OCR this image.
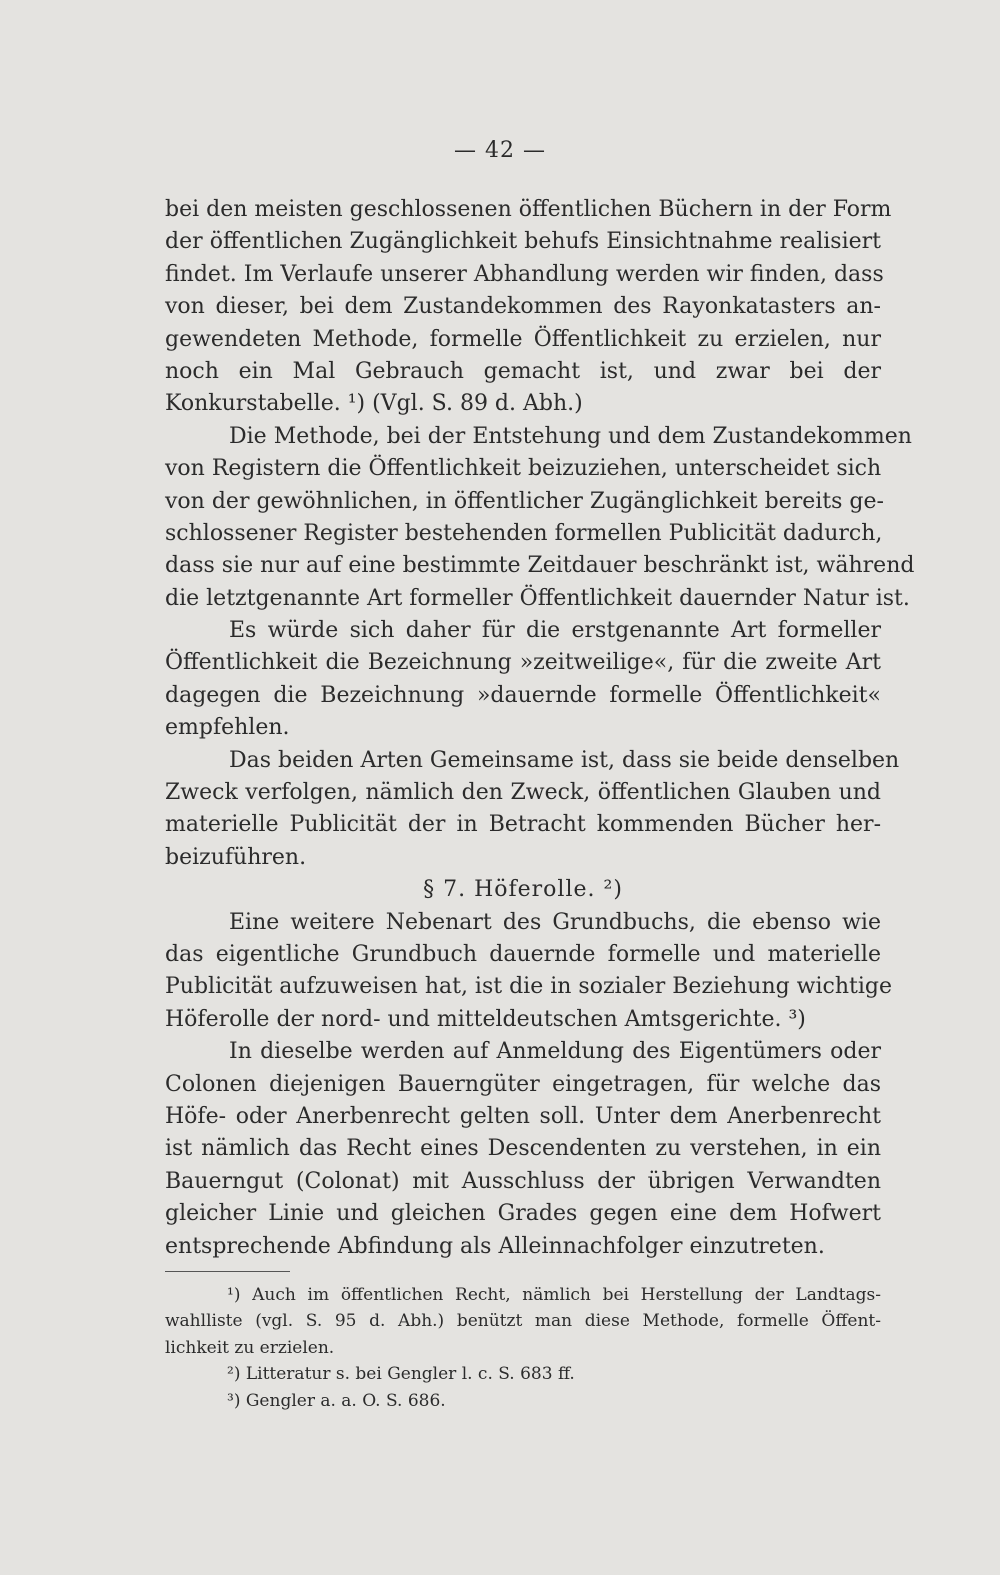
— 42 —
bei den meisten geschlossenen öffentlichen Büchern in der Form
der öffentlichen Zugänglichkeit behufs Einsichtnahme realisiert
findet. Im Verlaufe unserer Abhandlung werden wir finden, dass
von dieser, bei dem Zustandekommen des Rayonkatasters an-
gewendeten Methode, formelle Öffentlichkeit zu erzielen, nur
noch ein Mal Gebrauch gemacht ist, und zwar bei der
Konkurstabelle. ¹) (Vgl. S. 89 d. Abh.)
Die Methode, bei der Entstehung und dem Zustandekommen
von Registern die Öffentlichkeit beizuziehen, unterscheidet sich
von der gewöhnlichen, in öffentlicher Zugänglichkeit bereits ge-
schlossener Register bestehenden formellen Publicität dadurch,
dass sie nur auf eine bestimmte Zeitdauer beschränkt ist, während
die letztgenannte Art formeller Öffentlichkeit dauernder Natur ist.
Es würde sich daher für die erstgenannte Art formeller
Öffentlichkeit die Bezeichnung »zeitweilige«, für die zweite Art
dagegen die Bezeichnung »dauernde formelle Öffentlichkeit«
empfehlen.
Das beiden Arten Gemeinsame ist, dass sie beide denselben
Zweck verfolgen, nämlich den Zweck, öffentlichen Glauben und
materielle Publicität der in Betracht kommenden Bücher her-
beizuführen.
§ 7. Höferolle. ²)
Eine weitere Nebenart des Grundbuchs, die ebenso wie
das eigentliche Grundbuch dauernde formelle und materielle
Publicität aufzuweisen hat, ist die in sozialer Beziehung wichtige
Höferolle der nord- und mitteldeutschen Amtsgerichte. ³)
In dieselbe werden auf Anmeldung des Eigentümers oder
Colonen diejenigen Bauerngüter eingetragen, für welche das
Höfe- oder Anerbenrecht gelten soll. Unter dem Anerbenrecht
ist nämlich das Recht eines Descendenten zu verstehen, in ein
Bauerngut (Colonat) mit Ausschluss der übrigen Verwandten
gleicher Linie und gleichen Grades gegen eine dem Hofwert
entsprechende Abfindung als Alleinnachfolger einzutreten.
¹) Auch im öffentlichen Recht, nämlich bei Herstellung der Landtags-
wahlliste (vgl. S. 95 d. Abh.) benützt man diese Methode, formelle Öffent-
lichkeit zu erzielen.
²) Litteratur s. bei Gengler l. c. S. 683 ff.
³) Gengler a. a. O. S. 686.
